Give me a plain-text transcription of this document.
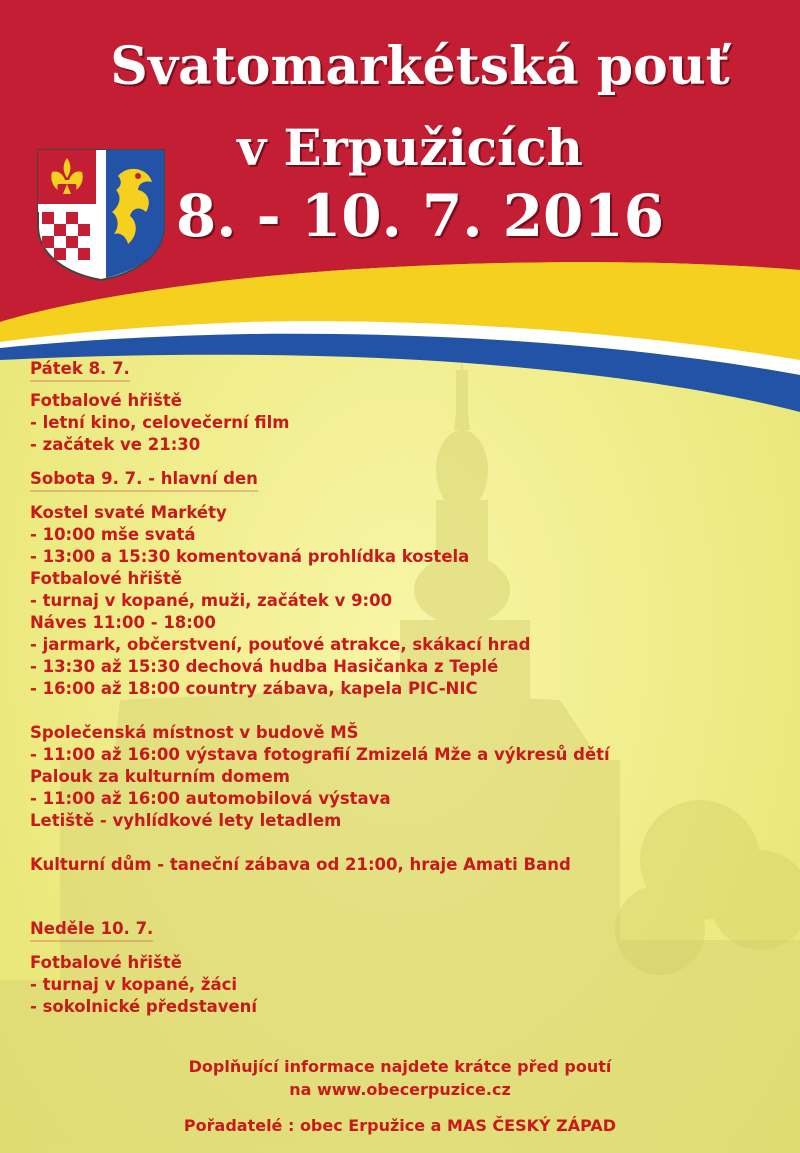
Svatomarkétská pouť
v Erpužicích
8. - 10. 7. 2016
Pátek 8. 7.
Fotbalové hřiště
- letní kino, celovečerní film
- začátek ve 21:30
Sobota 9. 7. - hlavní den
Kostel svaté Markéty
- 10:00 mše svatá
- 13:00 a 15:30 komentovaná prohlídka kostela
Fotbalové hřiště
- turnaj v kopané, muži, začátek v 9:00
Náves 11:00 - 18:00
- jarmark, občerstvení, pouťové atrakce, skákací hrad
- 13:30 až 15:30 dechová hudba Hasičanka z Teplé
- 16:00 až 18:00 country zábava, kapela PIC-NIC
Společenská místnost v budově MŠ
- 11:00 až 16:00 výstava fotografií Zmizelá Mže a výkresů dětí
Palouk za kulturním domem
- 11:00 až 16:00 automobilová výstava
Letiště - vyhlídkové lety letadlem
Kulturní dům - taneční zábava od 21:00, hraje Amati Band
Neděle 10. 7.
Fotbalové hřiště
- turnaj v kopané, žáci
- sokolnické představení
Doplňující informace najdete krátce před poutí
na www.obecerpuzice.cz
Pořadatelé : obec Erpužice a MAS ČESKÝ ZÁPAD
